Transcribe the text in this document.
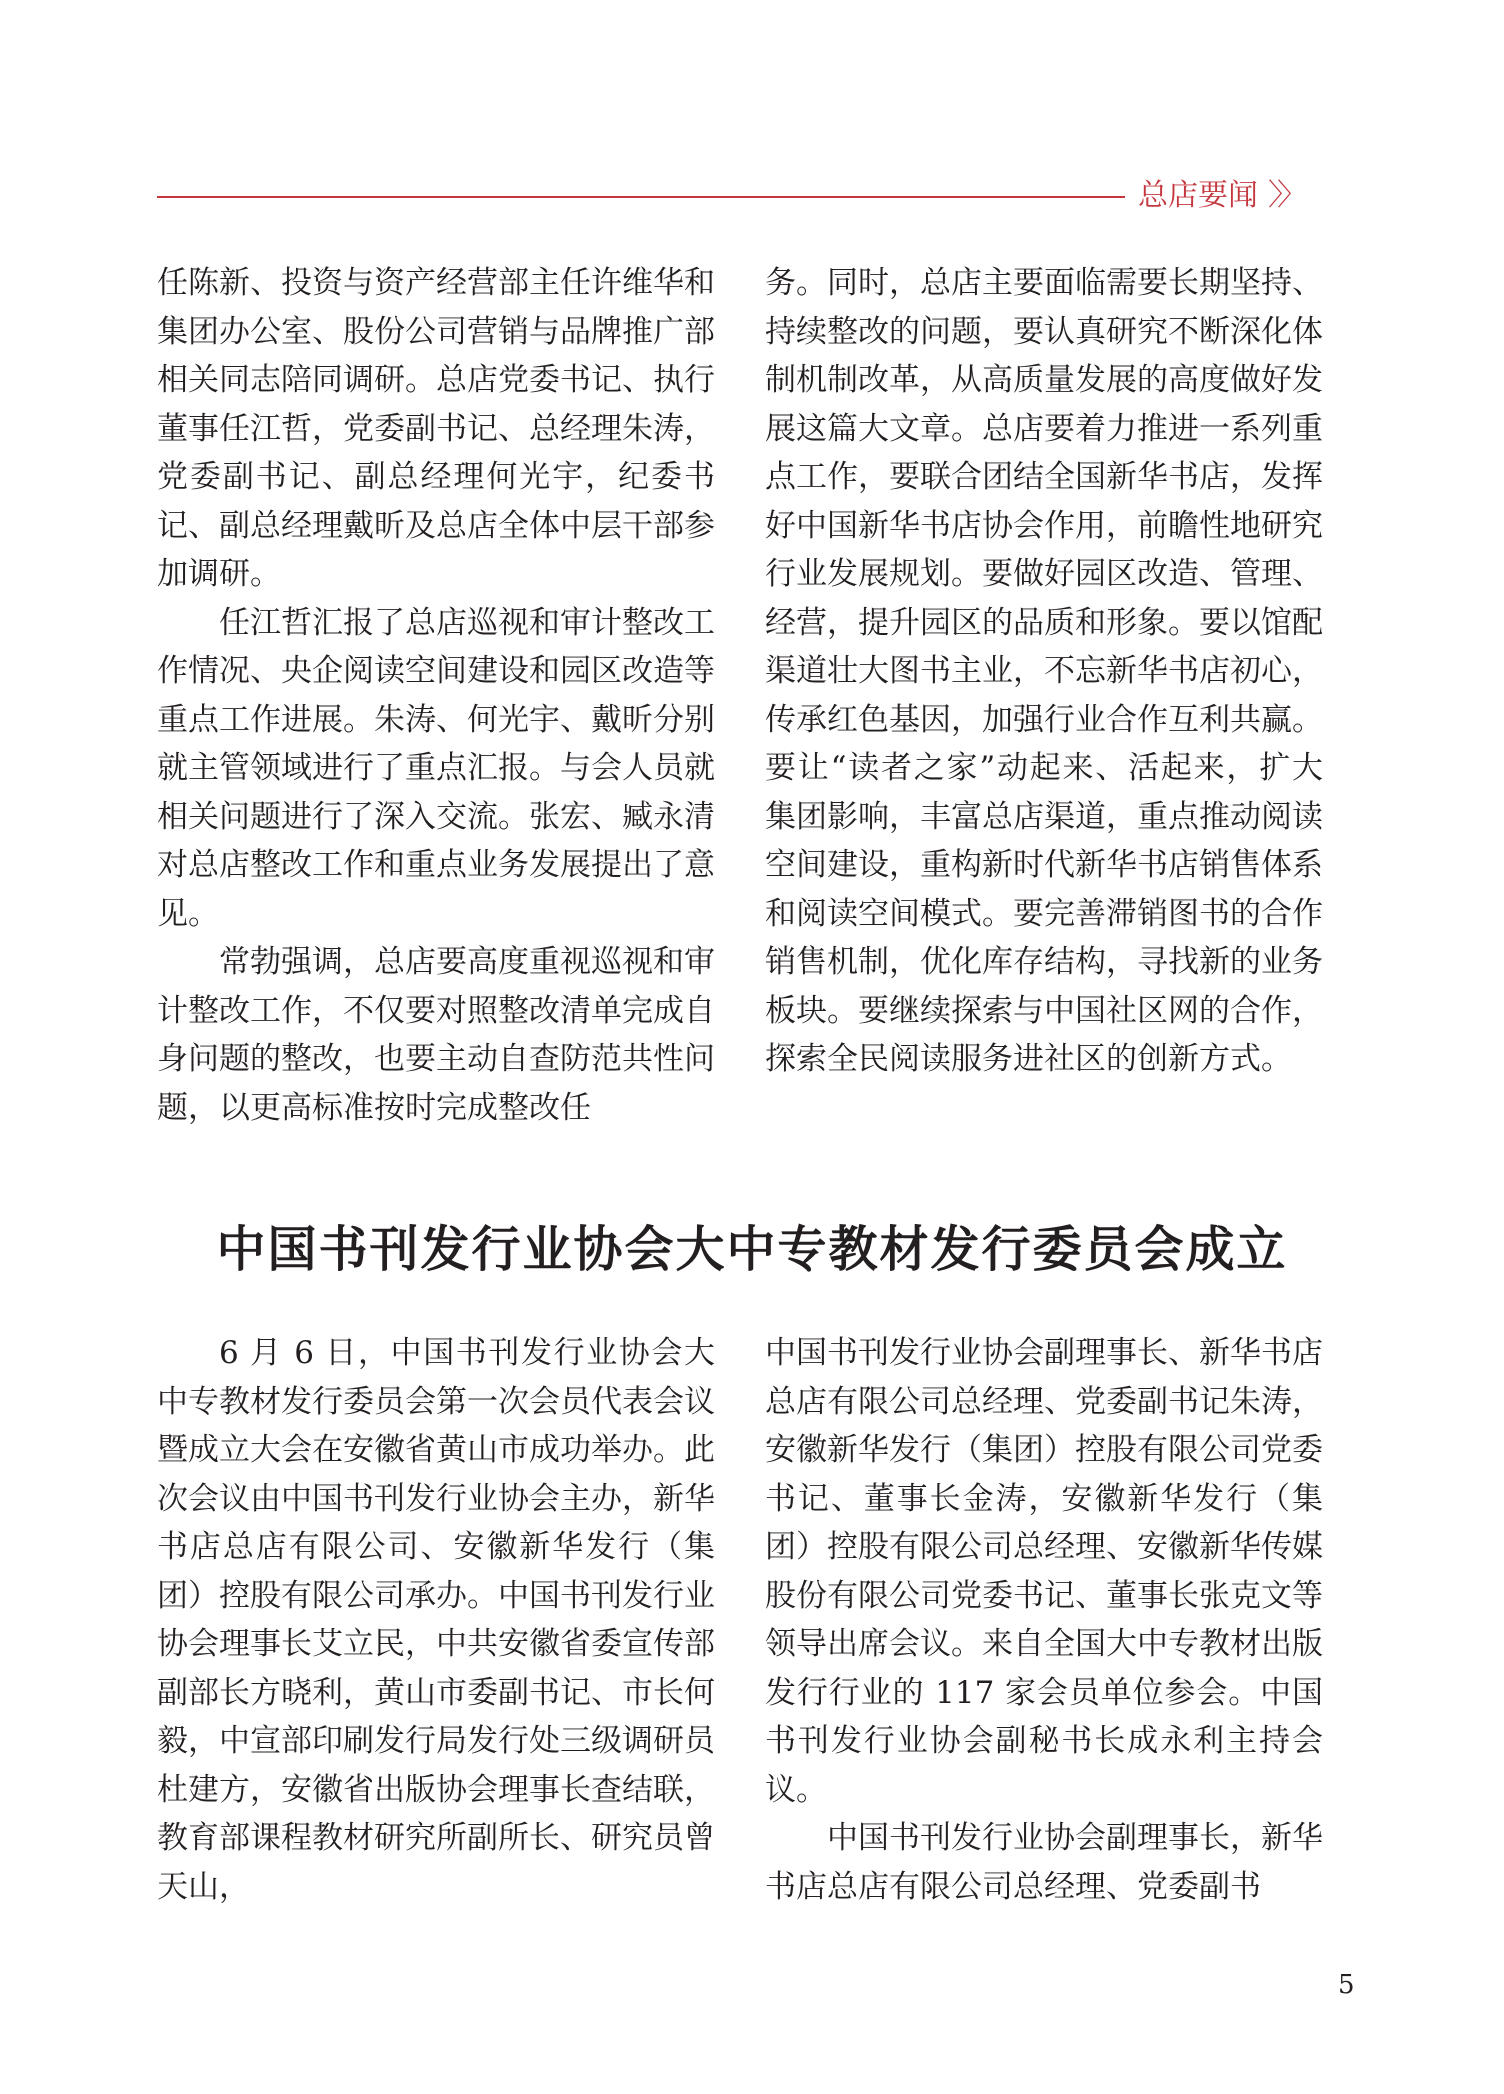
总店要闻 〉〉

任陈新、投资与资产经营部主任许维华和集团办公室、股份公司营销与品牌推广部相关同志陪同调研。总店党委书记、执行董事任江哲，党委副书记、总经理朱涛，党委副书记、副总经理何光宇，纪委书记、副总经理戴昕及总店全体中层干部参加调研。

任江哲汇报了总店巡视和审计整改工作情况、央企阅读空间建设和园区改造等重点工作进展。朱涛、何光宇、戴昕分别就主管领域进行了重点汇报。与会人员就相关问题进行了深入交流。张宏、臧永清对总店整改工作和重点业务发展提出了意见。

常勃强调，总店要高度重视巡视和审计整改工作，不仅要对照整改清单完成自身问题的整改，也要主动自查防范共性问题，以更高标准按时完成整改任

务。同时，总店主要面临需要长期坚持、持续整改的问题，要认真研究不断深化体制机制改革，从高质量发展的高度做好发展这篇大文章。总店要着力推进一系列重点工作，要联合团结全国新华书店，发挥好中国新华书店协会作用，前瞻性地研究行业发展规划。要做好园区改造、管理、经营，提升园区的品质和形象。要以馆配渠道壮大图书主业，不忘新华书店初心，传承红色基因，加强行业合作互利共赢。要让“读者之家”动起来、活起来，扩大集团影响，丰富总店渠道，重点推动阅读空间建设，重构新时代新华书店销售体系和阅读空间模式。要完善滞销图书的合作销售机制，优化库存结构，寻找新的业务板块。要继续探索与中国社区网的合作，探索全民阅读服务进社区的创新方式。

中国书刊发行业协会大中专教材发行委员会成立

6 月 6 日，中国书刊发行业协会大中专教材发行委员会第一次会员代表会议暨成立大会在安徽省黄山市成功举办。此次会议由中国书刊发行业协会主办，新华书店总店有限公司、安徽新华发行（集团）控股有限公司承办。中国书刊发行业协会理事长艾立民，中共安徽省委宣传部副部长方晓利，黄山市委副书记、市长何毅，中宣部印刷发行局发行处三级调研员杜建方，安徽省出版协会理事长查结联，教育部课程教材研究所副所长、研究员曾天山，

中国书刊发行业协会副理事长、新华书店总店有限公司总经理、党委副书记朱涛，安徽新华发行（集团）控股有限公司党委书记、董事长金涛，安徽新华发行（集团）控股有限公司总经理、安徽新华传媒股份有限公司党委书记、董事长张克文等领导出席会议。来自全国大中专教材出版发行行业的 117 家会员单位参会。中国书刊发行业协会副秘书长成永利主持会议。

中国书刊发行业协会副理事长，新华书店总店有限公司总经理、党委副书

5
